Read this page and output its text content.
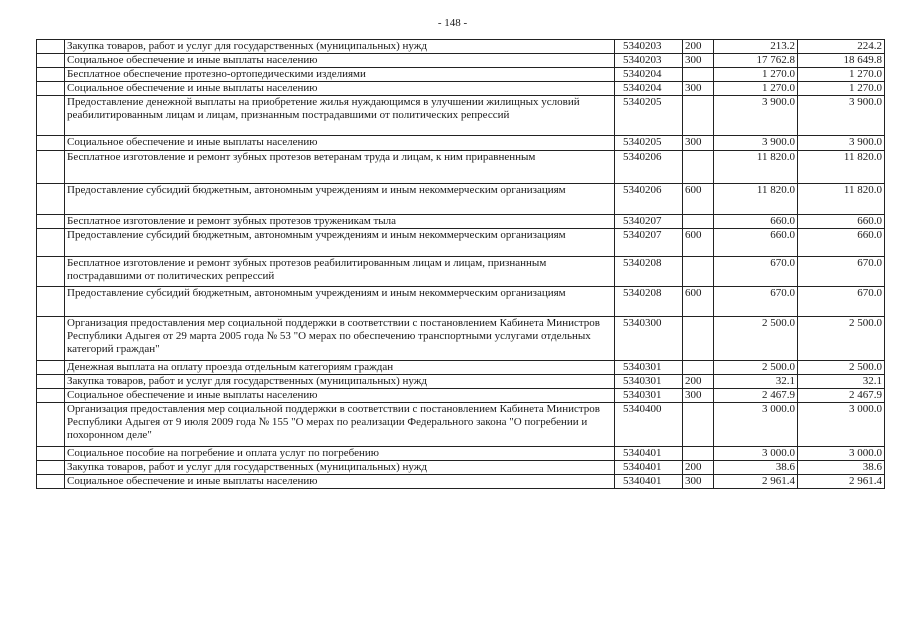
- 148 -
	Закупка товаров, работ и услуг для государственных (муниципальных) нужд	5340203	200	213.2	224.2
	Социальное обеспечение и иные выплаты населению	5340203	300	17 762.8	18 649.8
	Бесплатное обеспечение протезно-ортопедическими изделиями	5340204		1 270.0	1 270.0
	Социальное обеспечение и иные выплаты населению	5340204	300	1 270.0	1 270.0
	Предоставление денежной выплаты на приобретение жилья нуждающимся в улучшении жилищных условий реабилитированным лицам и лицам, признанным пострадавшими от политических репрессий	5340205		3 900.0	3 900.0
	Социальное обеспечение и иные выплаты населению	5340205	300	3 900.0	3 900.0
	Бесплатное изготовление и ремонт зубных протезов ветеранам труда и лицам, к ним приравненным	5340206		11 820.0	11 820.0
	Предоставление субсидий бюджетным, автономным учреждениям и иным некоммерческим организациям	5340206	600	11 820.0	11 820.0
	Бесплатное изготовление и ремонт зубных протезов труженикам тыла	5340207		660.0	660.0
	Предоставление субсидий бюджетным, автономным учреждениям и иным некоммерческим организациям	5340207	600	660.0	660.0
	Бесплатное изготовление и ремонт зубных протезов реабилитированным лицам и лицам, признанным пострадавшими от политических репрессий	5340208		670.0	670.0
	Предоставление субсидий бюджетным, автономным учреждениям и иным некоммерческим организациям	5340208	600	670.0	670.0
	Организация предоставления мер социальной поддержки в соответствии с постановлением Кабинета Министров Республики Адыгея от 29 марта 2005 года № 53 "О мерах по обеспечению транспортными услугами отдельных категорий граждан"	5340300		2 500.0	2 500.0
	Денежная выплата на оплату проезда отдельным категориям граждан	5340301		2 500.0	2 500.0
	Закупка товаров, работ и услуг для государственных (муниципальных) нужд	5340301	200	32.1	32.1
	Социальное обеспечение и иные выплаты населению	5340301	300	2 467.9	2 467.9
	Организация предоставления мер социальной поддержки в соответствии с постановлением Кабинета Министров Республики Адыгея от 9 июля 2009 года № 155 "О мерах по реализации Федерального закона "О погребении и похоронном деле"	5340400		3 000.0	3 000.0
	Социальное пособие на погребение и оплата услуг по погребению	5340401		3 000.0	3 000.0
	Закупка товаров, работ и услуг для государственных (муниципальных) нужд	5340401	200	38.6	38.6
	Социальное обеспечение и иные выплаты населению	5340401	300	2 961.4	2 961.4
